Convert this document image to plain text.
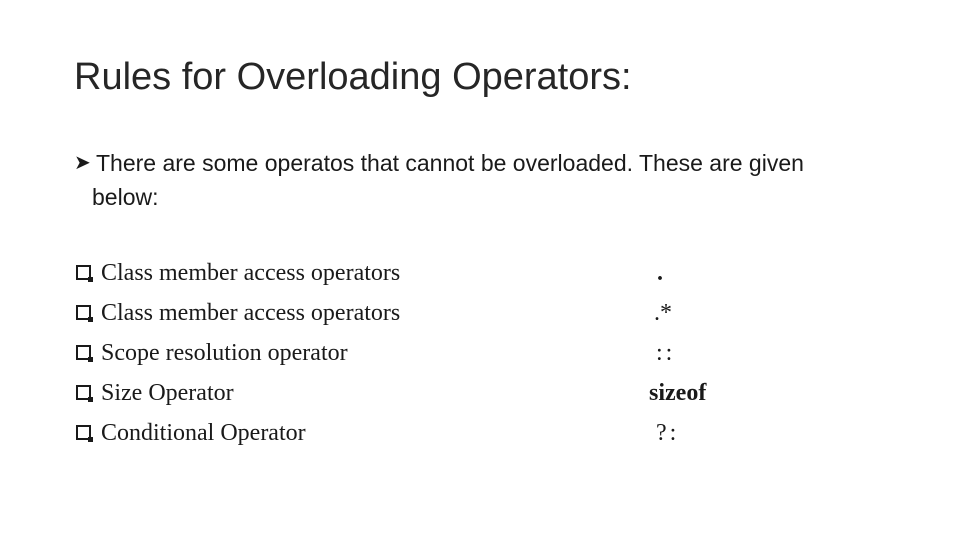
Rules for Overloading Operators:
➤ There are some operatos that cannot be overloaded. These are given
below:
Class member access operators	.
Class member access operators	.*
Scope resolution operator	::
Size Operator	sizeof
Conditional Operator	?:
